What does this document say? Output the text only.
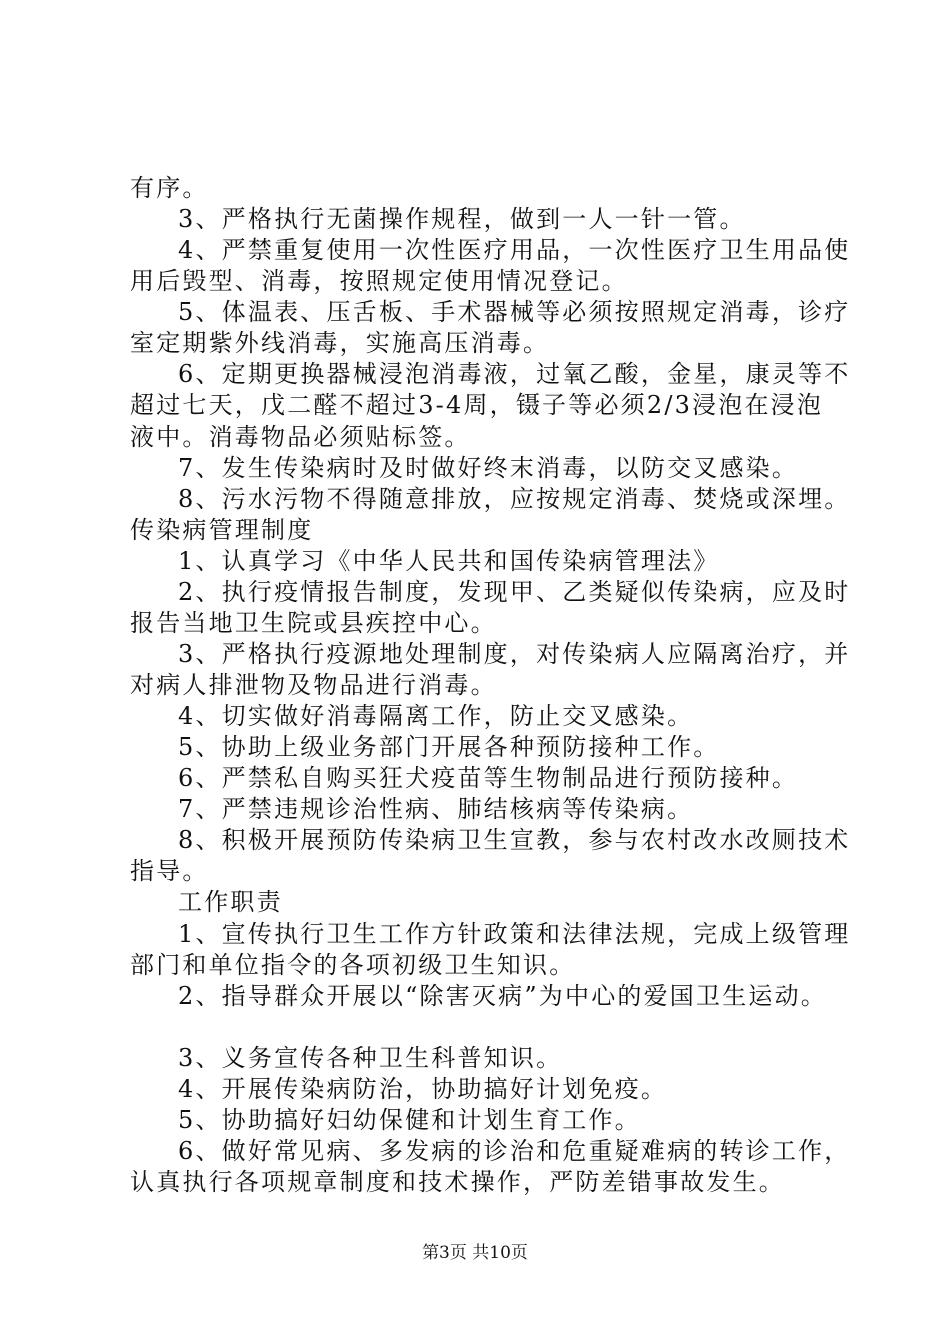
有序。
3、严格执行无菌操作规程，做到一人一针一管。
4、严禁重复使用一次性医疗用品，一次性医疗卫生用品使
用后毁型、消毒，按照规定使用情况登记。
5、体温表、压舌板、手术器械等必须按照规定消毒，诊疗
室定期紫外线消毒，实施高压消毒。
6、定期更换器械浸泡消毒液，过氧乙酸，金星，康灵等不
超过七天，戊二醛不超过3-4周，镊子等必须2/3浸泡在浸泡
液中。消毒物品必须贴标签。
7、发生传染病时及时做好终末消毒，以防交叉感染。
8、污水污物不得随意排放，应按规定消毒、焚烧或深埋。
传染病管理制度
1、认真学习《中华人民共和国传染病管理法》
2、执行疫情报告制度，发现甲、乙类疑似传染病，应及时
报告当地卫生院或县疾控中心。
3、严格执行疫源地处理制度，对传染病人应隔离治疗，并
对病人排泄物及物品进行消毒。
4、切实做好消毒隔离工作，防止交叉感染。
5、协助上级业务部门开展各种预防接种工作。
6、严禁私自购买狂犬疫苗等生物制品进行预防接种。
7、严禁违规诊治性病、肺结核病等传染病。
8、积极开展预防传染病卫生宣教，参与农村改水改厕技术
指导。
工作职责
1、宣传执行卫生工作方针政策和法律法规，完成上级管理
部门和单位指令的各项初级卫生知识。
2、指导群众开展以“除害灭病”为中心的爱国卫生运动。
3、义务宣传各种卫生科普知识。
4、开展传染病防治，协助搞好计划免疫。
5、协助搞好妇幼保健和计划生育工作。
6、做好常见病、多发病的诊治和危重疑难病的转诊工作，
认真执行各项规章制度和技术操作，严防差错事故发生。
第3页 共10页
